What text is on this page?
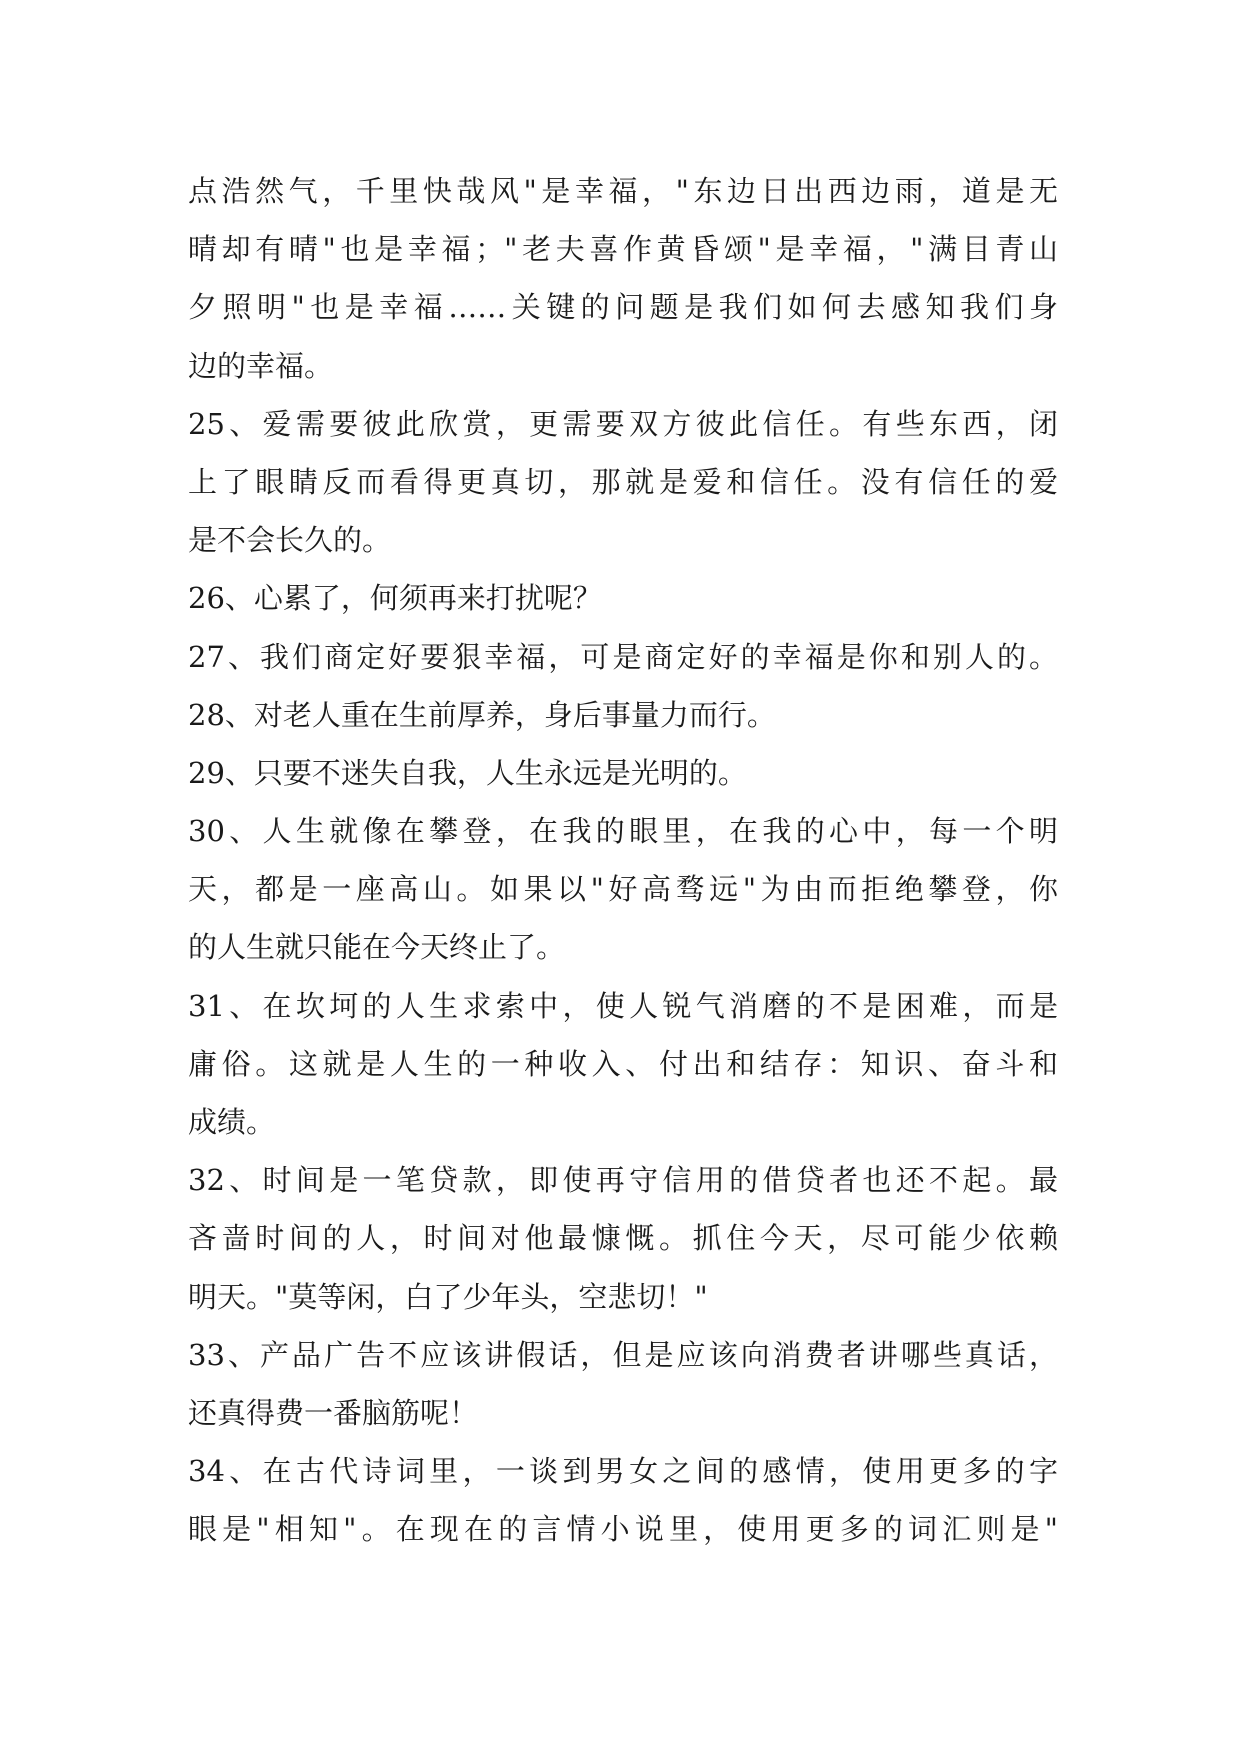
点浩然气，千里快哉风"是幸福，"东边日出西边雨，道是无
晴却有晴"也是幸福；"老夫喜作黄昏颂"是幸福，"满目青山
夕照明"也是幸福……关键的问题是我们如何去感知我们身
边的幸福。
25、爱需要彼此欣赏，更需要双方彼此信任。有些东西，闭
上了眼睛反而看得更真切，那就是爱和信任。没有信任的爱
是不会长久的。
26、心累了，何须再来打扰呢？
27、我们商定好要狠幸福，可是商定好的幸福是你和别人的。
28、对老人重在生前厚养，身后事量力而行。
29、只要不迷失自我，人生永远是光明的。
30、人生就像在攀登，在我的眼里，在我的心中，每一个明
天，都是一座高山。如果以"好高骛远"为由而拒绝攀登，你
的人生就只能在今天终止了。
31、在坎坷的人生求索中，使人锐气消磨的不是困难，而是
庸俗。这就是人生的一种收入、付出和结存：知识、奋斗和
成绩。
32、时间是一笔贷款，即使再守信用的借贷者也还不起。最
吝啬时间的人，时间对他最慷慨。抓住今天，尽可能少依赖
明天。"莫等闲，白了少年头，空悲切！"
33、产品广告不应该讲假话，但是应该向消费者讲哪些真话，
还真得费一番脑筋呢！
34、在古代诗词里，一谈到男女之间的感情，使用更多的字
眼是"相知"。在现在的言情小说里，使用更多的词汇则是"
